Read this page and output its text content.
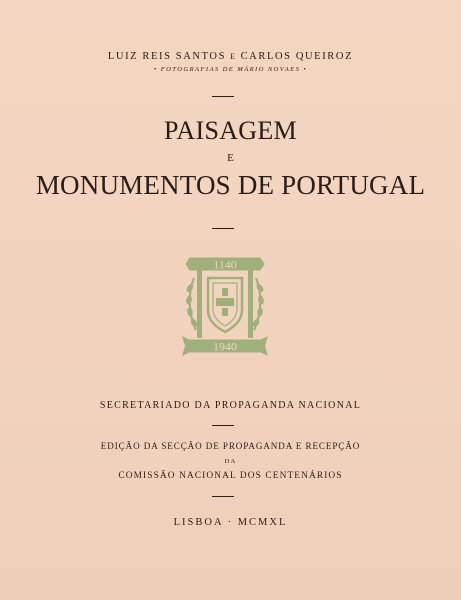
LUIZ REIS SANTOS E CARLOS QUEIROZ
• FOTOGRAFIAS DE MÁRIO NOVAES •
PAISAGEM
E
MONUMENTOS DE PORTUGAL
1140
1940
SECRETARIADO DA PROPAGANDA NACIONAL
EDIÇÃO DA SECÇÃO DE PROPAGANDA E RECEPÇÃO
DA
COMISSÃO NACIONAL DOS CENTENÁRIOS
LISBOA · MCMXL
